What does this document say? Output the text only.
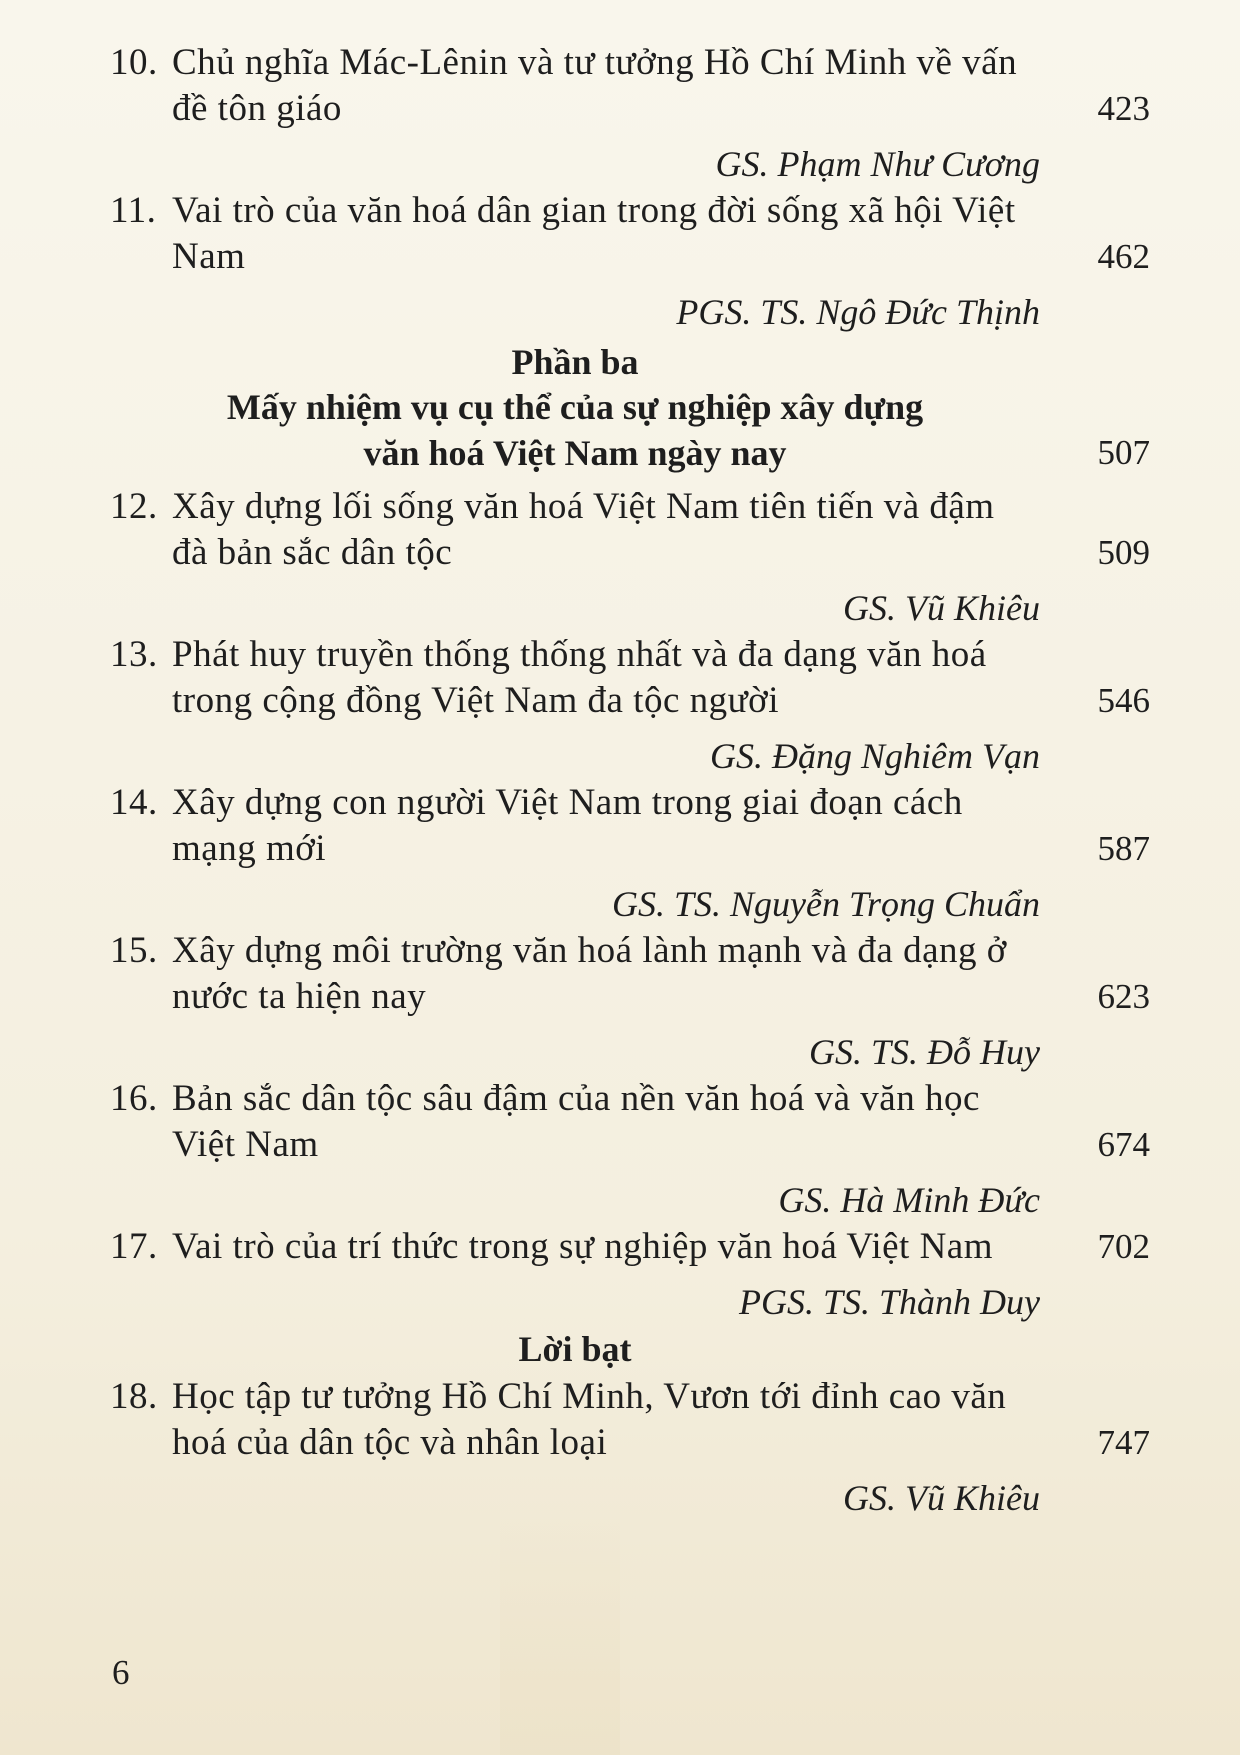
10. Chủ nghĩa Mác-Lênin và tư tưởng Hồ Chí Minh về vấn đề tôn giáo	423
GS. Phạm Như Cương
11. Vai trò của văn hoá dân gian trong đời sống xã hội Việt Nam	462
PGS. TS. Ngô Đức Thịnh
Phần ba
Mấy nhiệm vụ cụ thể của sự nghiệp xây dựng
văn hoá Việt Nam ngày nay	507
12. Xây dựng lối sống văn hoá Việt Nam tiên tiến và đậm đà bản sắc dân tộc	509
GS. Vũ Khiêu
13. Phát huy truyền thống thống nhất và đa dạng văn hoá trong cộng đồng Việt Nam đa tộc người	546
GS. Đặng Nghiêm Vạn
14. Xây dựng con người Việt Nam trong giai đoạn cách mạng mới	587
GS. TS. Nguyễn Trọng Chuẩn
15. Xây dựng môi trường văn hoá lành mạnh và đa dạng ở nước ta hiện nay	623
GS. TS. Đỗ Huy
16. Bản sắc dân tộc sâu đậm của nền văn hoá và văn học Việt Nam	674
GS. Hà Minh Đức
17. Vai trò của trí thức trong sự nghiệp văn hoá Việt Nam	702
PGS. TS. Thành Duy
Lời bạt
18. Học tập tư tưởng Hồ Chí Minh, Vươn tới đỉnh cao văn hoá của dân tộc và nhân loại	747
GS. Vũ Khiêu
6
